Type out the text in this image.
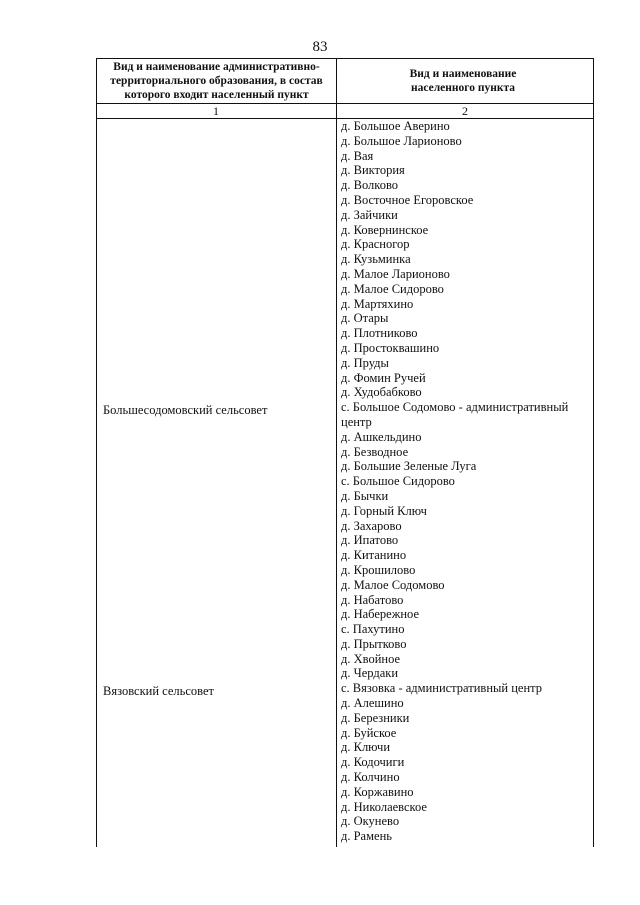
83
Вид и наименование административно-территориального образования, в состав которого входит населенный пункт
Вид и наименование населенного пункта
1	2
Большесодомовский сельсовет
Вязовский сельсовет
д. Большое Аверино
д. Большое Ларионово
д. Вая
д. Виктория
д. Волково
д. Восточное Егоровское
д. Зайчики
д. Ковернинское
д. Красногор
д. Кузьминка
д. Малое Ларионово
д. Малое Сидорово
д. Мартяхино
д. Отары
д. Плотниково
д. Простоквашино
д. Пруды
д. Фомин Ручей
д. Худобабково
с. Большое Содомово - административный
центр
д. Ашкельдино
д. Безводное
д. Большие Зеленые Луга
с. Большое Сидорово
д. Бычки
д. Горный Ключ
д. Захарово
д. Ипатово
д. Китанино
д. Крошилово
д. Малое Содомово
д. Набатово
д. Набережное
с. Пахутино
д. Прытково
д. Хвойное
д. Чердаки
с. Вязовка - административный центр
д. Алешино
д. Березники
д. Буйское
д. Ключи
д. Кодочиги
д. Колчино
д. Коржавино
д. Николаевское
д. Окунево
д. Рамень
